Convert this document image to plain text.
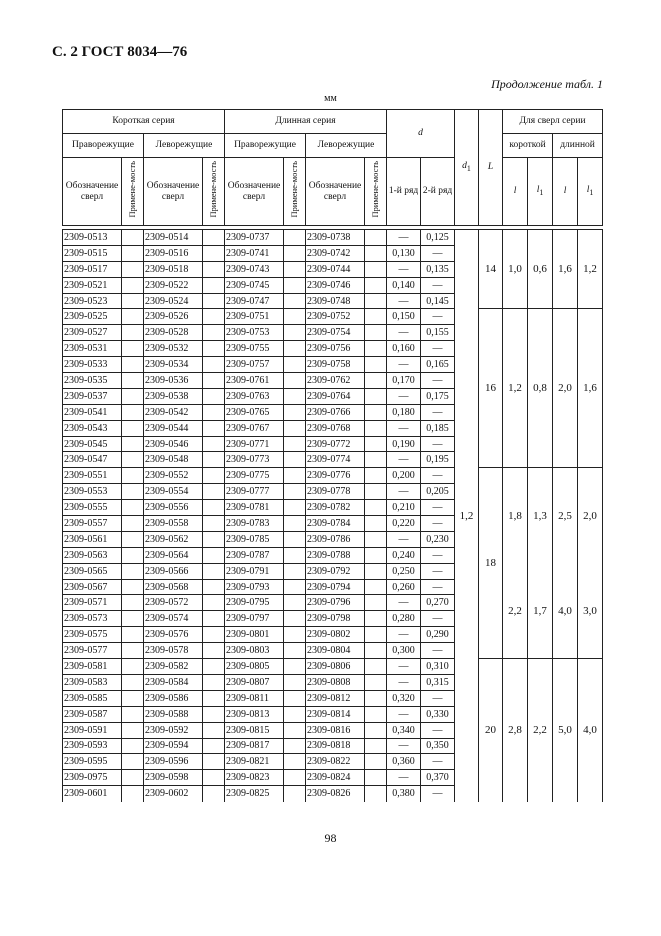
С. 2 ГОСТ 8034—76
Продолжение табл. 1
мм
Короткая серия				Длинная серия				d		$d_1$	L	Для сверл серии			
Праворежущие		Леворежущие		Праворежущие		Леворежущие						короткой		длинной	
Обозначение сверл	Примене-мость	Обозначение сверл	Примене-мость	Обозначение сверл	Примене-мость	Обозначение сверл	Примене-мость	1-й ряд	2-й ряд			l	$l_1$	l	$l_1$

2309-0513		2309-0514		2309-0737		2309-0738		—	0,125	1,2	14	1,0	0,6	1,6	1,2
2309-0515		2309-0516		2309-0741		2309-0742		0,130	—						
2309-0517		2309-0518		2309-0743		2309-0744		—	0,135						
2309-0521		2309-0522		2309-0745		2309-0746		0,140	—						
2309-0523		2309-0524		2309-0747		2309-0748		—	0,145						
2309-0525		2309-0526		2309-0751		2309-0752		0,150	—		16	1,2	0,8	2,0	1,6
2309-0527		2309-0528		2309-0753		2309-0754		—	0,155						
2309-0531		2309-0532		2309-0755		2309-0756		0,160	—						
2309-0533		2309-0534		2309-0757		2309-0758		—	0,165						
2309-0535		2309-0536		2309-0761		2309-0762		0,170	—						
2309-0537		2309-0538		2309-0763		2309-0764		—	0,175						
2309-0541		2309-0542		2309-0765		2309-0766		0,180	—						
2309-0543		2309-0544		2309-0767		2309-0768		—	0,185						
2309-0545		2309-0546		2309-0771		2309-0772		0,190	—						
2309-0547		2309-0548		2309-0773		2309-0774		—	0,195						
2309-0551		2309-0552		2309-0775		2309-0776		0,200	—		18	1,8	1,3	2,5	2,0
2309-0553		2309-0554		2309-0777		2309-0778		—	0,205						
2309-0555		2309-0556		2309-0781		2309-0782		0,210	—						
2309-0557		2309-0558		2309-0783		2309-0784		0,220	—						
2309-0561		2309-0562		2309-0785		2309-0786		—	0,230						
2309-0563		2309-0564		2309-0787		2309-0788		0,240	—						
2309-0565		2309-0566		2309-0791		2309-0792		0,250	—			2,2	1,7	4,0	3,0
2309-0567		2309-0568		2309-0793		2309-0794		0,260	—						
2309-0571		2309-0572		2309-0795		2309-0796		—	0,270						
2309-0573		2309-0574		2309-0797		2309-0798		0,280	—						
2309-0575		2309-0576		2309-0801		2309-0802		—	0,290						
2309-0577		2309-0578		2309-0803		2309-0804		0,300	—						
2309-0581		2309-0582		2309-0805		2309-0806		—	0,310		20	2,8	2,2	5,0	4,0
2309-0583		2309-0584		2309-0807		2309-0808		—	0,315						
2309-0585		2309-0586		2309-0811		2309-0812		0,320	—						
2309-0587		2309-0588		2309-0813		2309-0814		—	0,330						
2309-0591		2309-0592		2309-0815		2309-0816		0,340	—						
2309-0593		2309-0594		2309-0817		2309-0818		—	0,350						
2309-0595		2309-0596		2309-0821		2309-0822		0,360	—						
2309-0975		2309-0598		2309-0823		2309-0824		—	0,370						
2309-0601		2309-0602		2309-0825		2309-0826		0,380	—						
98
